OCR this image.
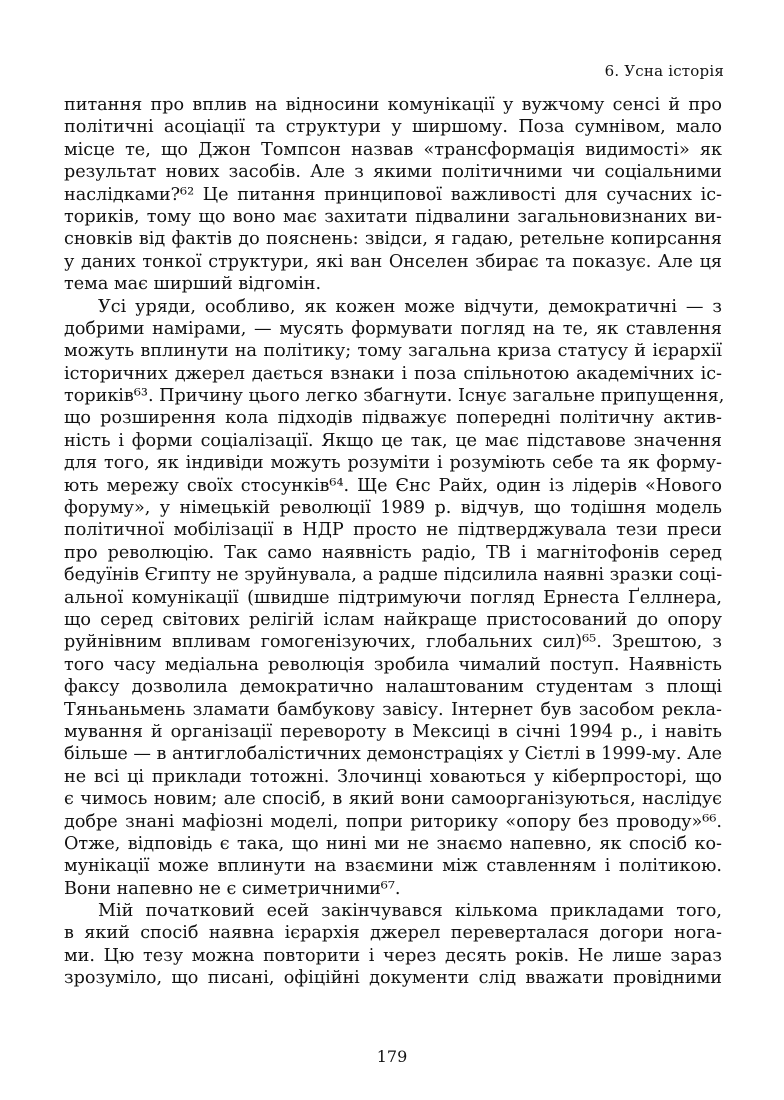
6. Усна історія
питання про вплив на відносини комунікації у вужчому сенсі й про
політичні асоціації та структури у ширшому. Поза сумнівом, мало
місце те, що Джон Томпсон назвав «трансформація видимості» як
результат нових засобів. Але з якими політичними чи соціальними
наслідками?⁶² Це питання принципової важливості для сучасних іс-
ториків, тому що воно має захитати підвалини загальновизнаних ви-
сновків від фактів до пояснень: звідси, я гадаю, ретельне копирсання
у даних тонкої структури, які ван Онселен збирає та показує. Але ця
тема має ширший відгомін.
Усі уряди, особливо, як кожен може відчути, демократичні — з
добрими намірами, — мусять формувати погляд на те, як ставлення
можуть вплинути на політику; тому загальна криза статусу й ієрархії
історичних джерел дається взнаки і поза спільнотою академічних іс-
ториків⁶³. Причину цього легко збагнути. Існує загальне припущення,
що розширення кола підходів підважує попередні політичну актив-
ність і форми соціалізації. Якщо це так, це має підставове значення
для того, як індивіди можуть розуміти і розуміють себе та як форму-
ють мережу своїх стосунків⁶⁴. Ще Єнс Райх, один із лідерів «Нового
форуму», у німецькій революції 1989 р. відчув, що тодішня модель
політичної мобілізації в НДР просто не підтверджувала тези преси
про революцію. Так само наявність радіо, ТВ і магнітофонів серед
бедуїнів Єгипту не зруйнувала, а радше підсилила наявні зразки соці-
альної комунікації (швидше підтримуючи погляд Ернеста Ґеллнера,
що серед світових релігій іслам найкраще пристосований до опору
руйнівним впливам гомогенізуючих, глобальних сил)⁶⁵. Зрештою, з
того часу медіальна революція зробила чималий поступ. Наявність
факсу дозволила демократично налаштованим студентам з площі
Тяньаньмень зламати бамбукову завісу. Інтернет був засобом рекла-
мування й організації перевороту в Мексиці в січні 1994 р., і навіть
більше — в антиглобалістичних демонстраціях у Сієтлі в 1999-му. Але
не всі ці приклади тотожні. Злочинці ховаються у кіберпросторі, що
є чимось новим; але спосіб, в який вони самоорганізуються, наслідує
добре знані мафіозні моделі, попри риторику «опору без проводу»⁶⁶.
Отже, відповідь є така, що нині ми не знаємо напевно, як спосіб ко-
мунікації може вплинути на взаємини між ставленням і політикою.
Вони напевно не є симетричними⁶⁷.
Мій початковий есей закінчувався кількома прикладами того,
в який спосіб наявна ієрархія джерел переверталася догори нога-
ми. Цю тезу можна повторити і через десять років. Не лише зараз
зрозуміло, що писані, офіційні документи слід вважати провідними
179
